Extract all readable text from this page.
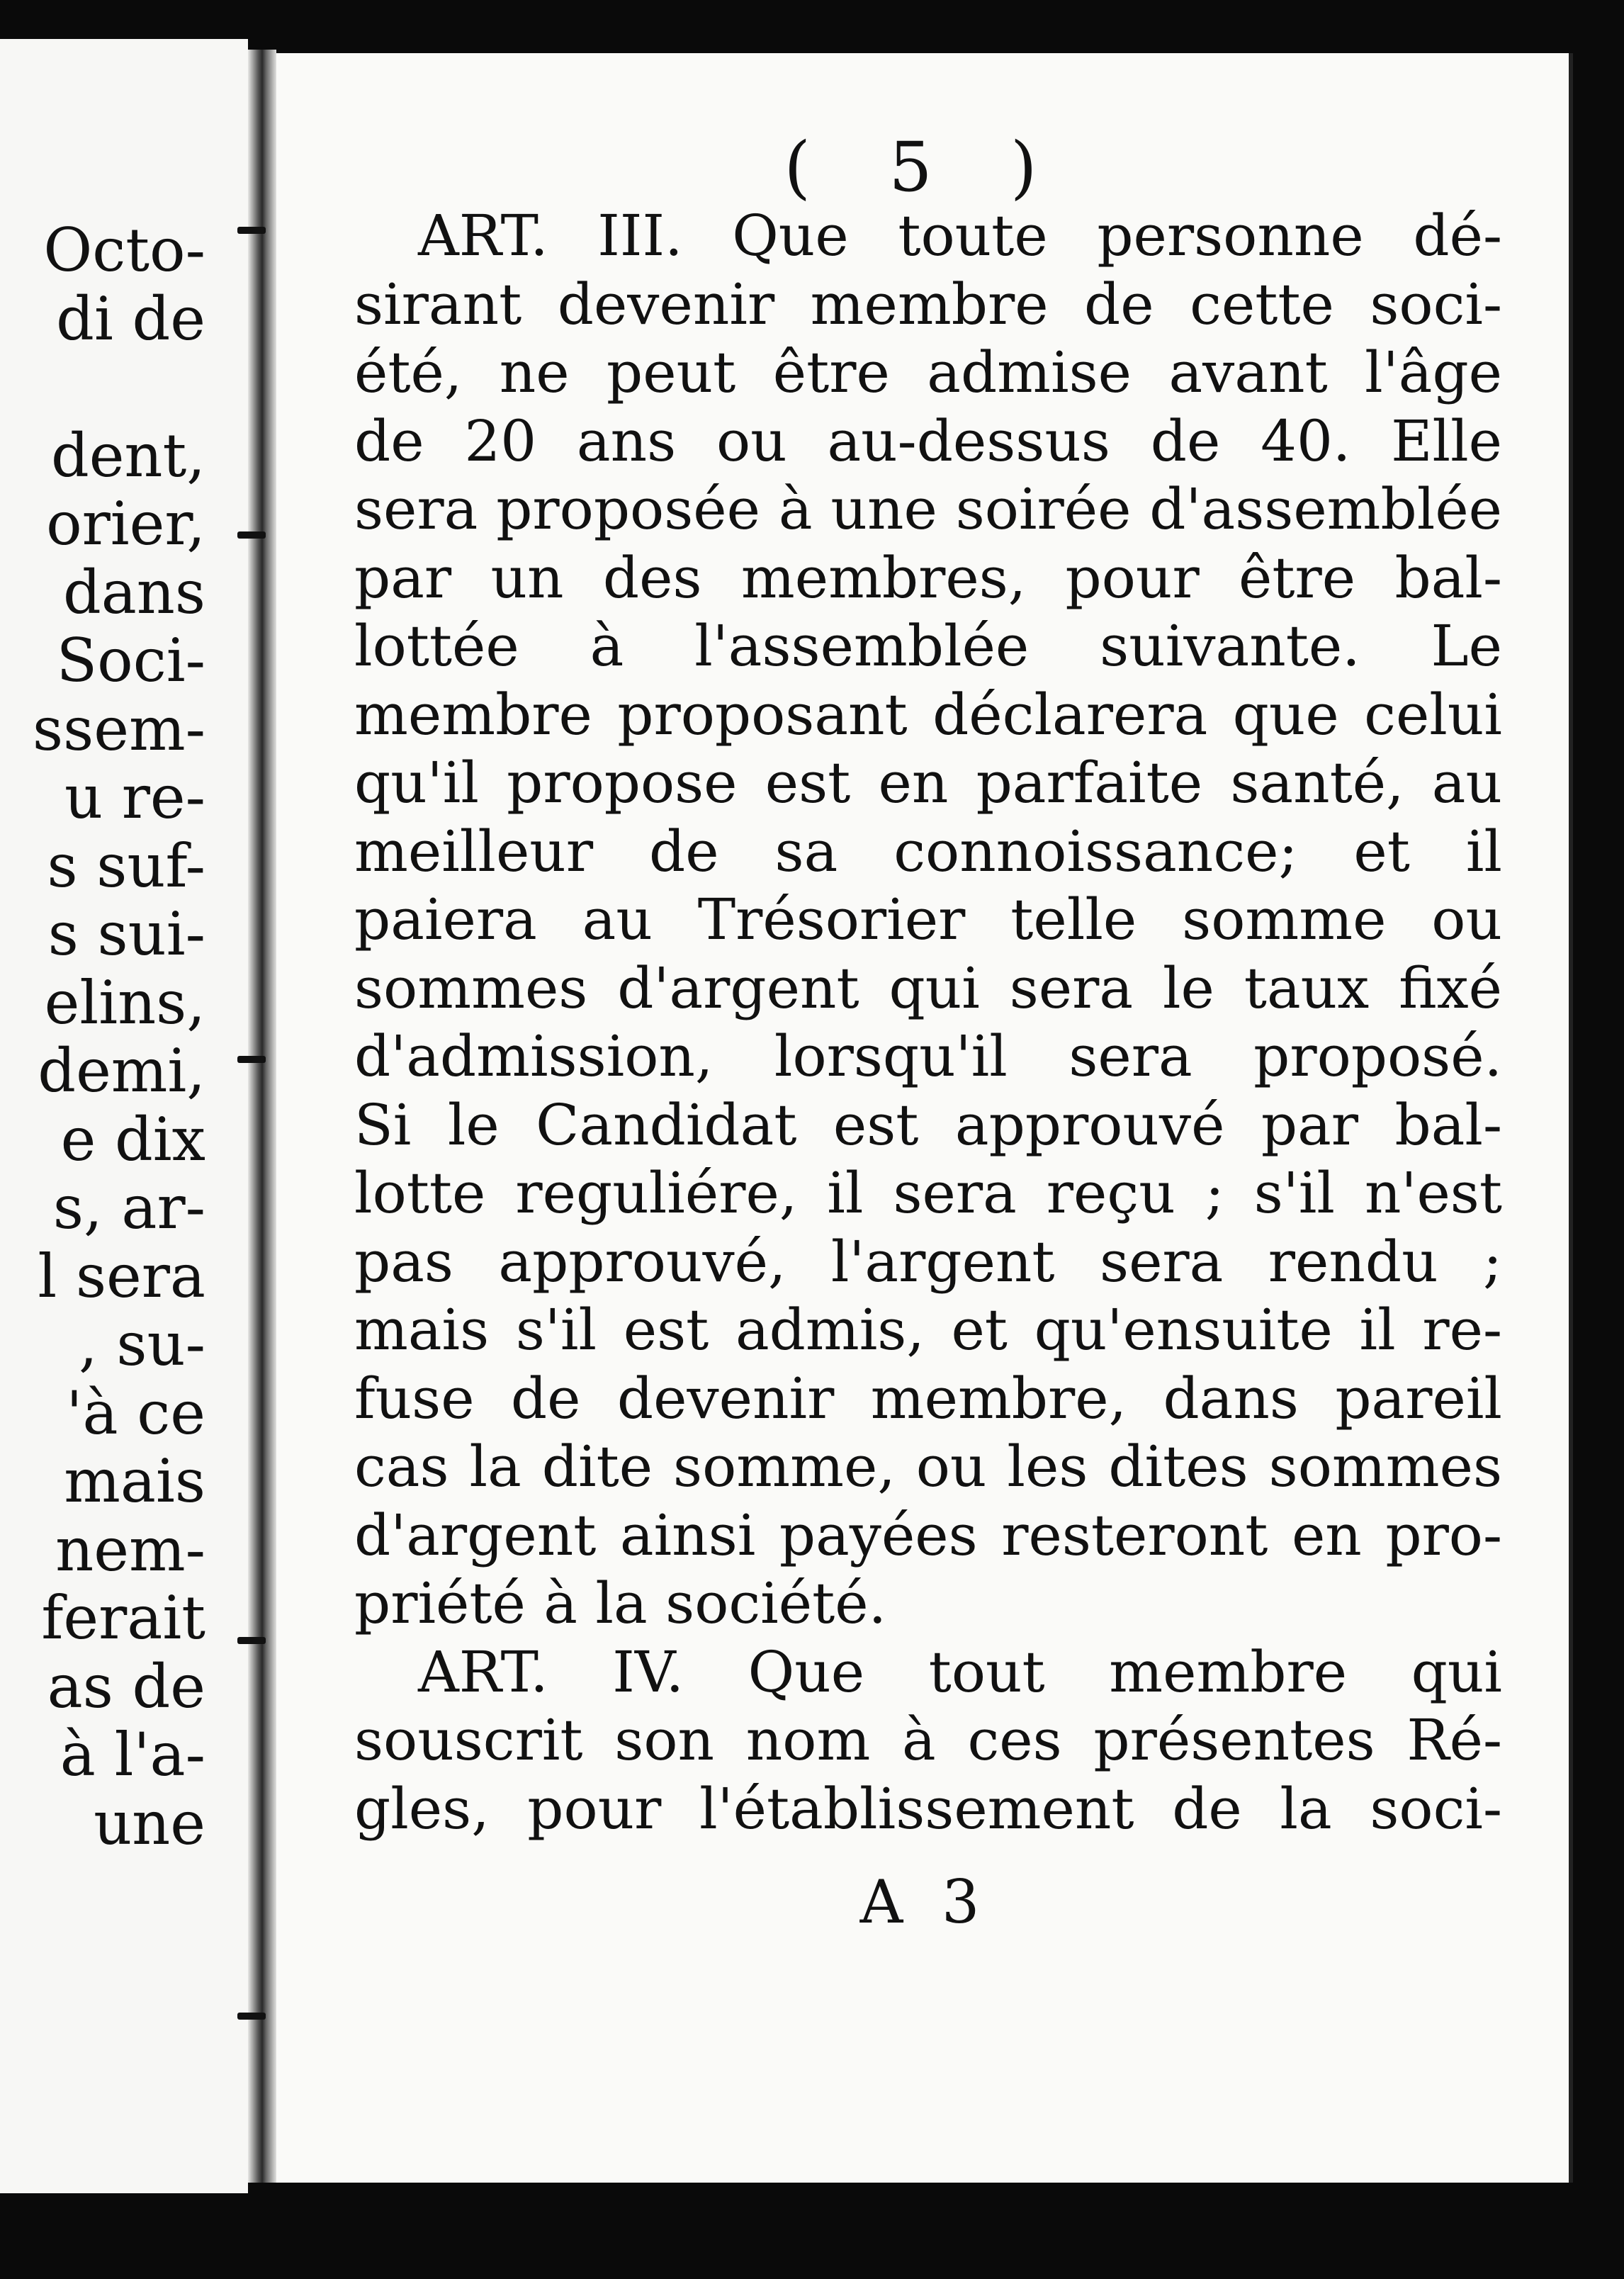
Octo-
di de

dent,
orier,
dans
Soci-
ssem-
u re-
s suf-
s sui-
elins,
demi,
e dix
s, ar-
l sera
, su-
'à ce
mais
nem-
ferait
as de
à l'a-
une
( 5 )
ART. III. Que toute personne dé-
sirant devenir membre de cette soci-
été, ne peut être admise avant l'âge
de 20 ans ou au-dessus de 40. Elle
sera proposée à une soirée d'assemblée
par un des membres, pour être bal-
lottée à l'assemblée suivante. Le
membre proposant déclarera que celui
qu'il propose est en parfaite santé, au
meilleur de sa connoissance; et il
paiera au Trésorier telle somme ou
sommes d'argent qui sera le taux fixé
d'admission, lorsqu'il sera proposé.
Si le Candidat est approuvé par bal-
lotte reguliére, il sera reçu ; s'il n'est
pas approuvé, l'argent sera rendu ;
mais s'il est admis, et qu'ensuite il re-
fuse de devenir membre, dans pareil
cas la dite somme, ou les dites sommes
d'argent ainsi payées resteront en pro-
priété à la société.
ART. IV. Que tout membre qui
souscrit son nom à ces présentes Ré-
gles, pour l'établissement de la soci-
A 3
